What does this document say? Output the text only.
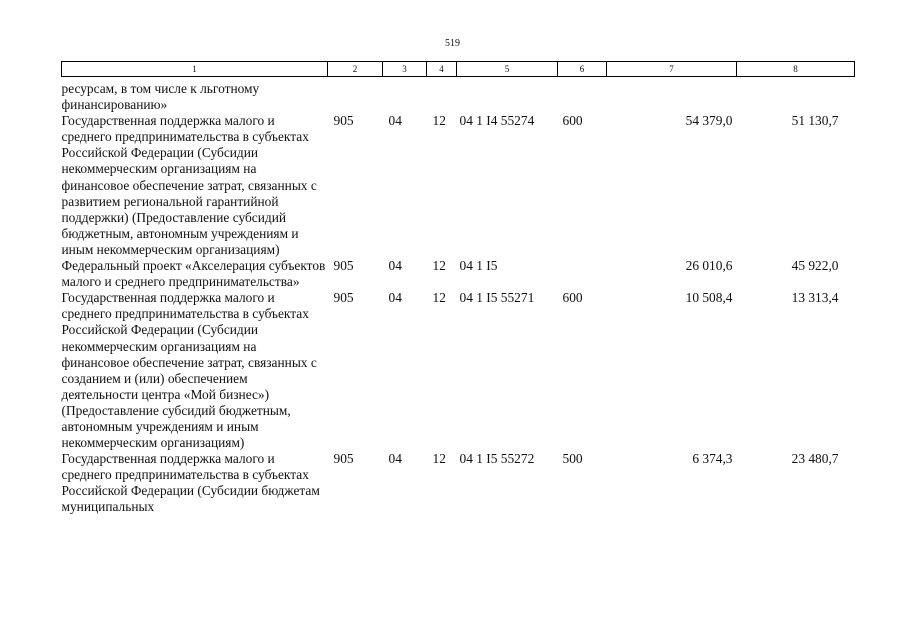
519
1	2	3	4	5	6	7	8
ресурсам, в том числе к льготному финансированию»							
Государственная поддержка малого и среднего предпринимательства в субъектах Российской Федерации (Субсидии некоммерческим организациям на финансовое обеспечение затрат, связанных с развитием региональной гарантийной поддержки) (Предоставление субсидий бюджетным, автономным учреждениям и иным некоммерческим организациям)	905	04	12	04 1 I4 55274	600	54 379,0	51 130,7
Федеральный проект «Акселерация субъектов малого и среднего предпринимательства»	905	04	12	04 1 I5		26 010,6	45 922,0
Государственная поддержка малого и среднего предпринимательства в субъектах Российской Федерации (Субсидии некоммерческим организациям на финансовое обеспечение затрат, связанных с созданием и (или) обеспечением деятельности центра «Мой бизнес») (Предоставление субсидий бюджетным, автономным учреждениям и иным некоммерческим организациям)	905	04	12	04 1 I5 55271	600	10 508,4	13 313,4
Государственная поддержка малого и среднего предпринимательства в субъектах Российской Федерации (Субсидии бюджетам муниципальных	905	04	12	04 1 I5 55272	500	6 374,3	23 480,7
